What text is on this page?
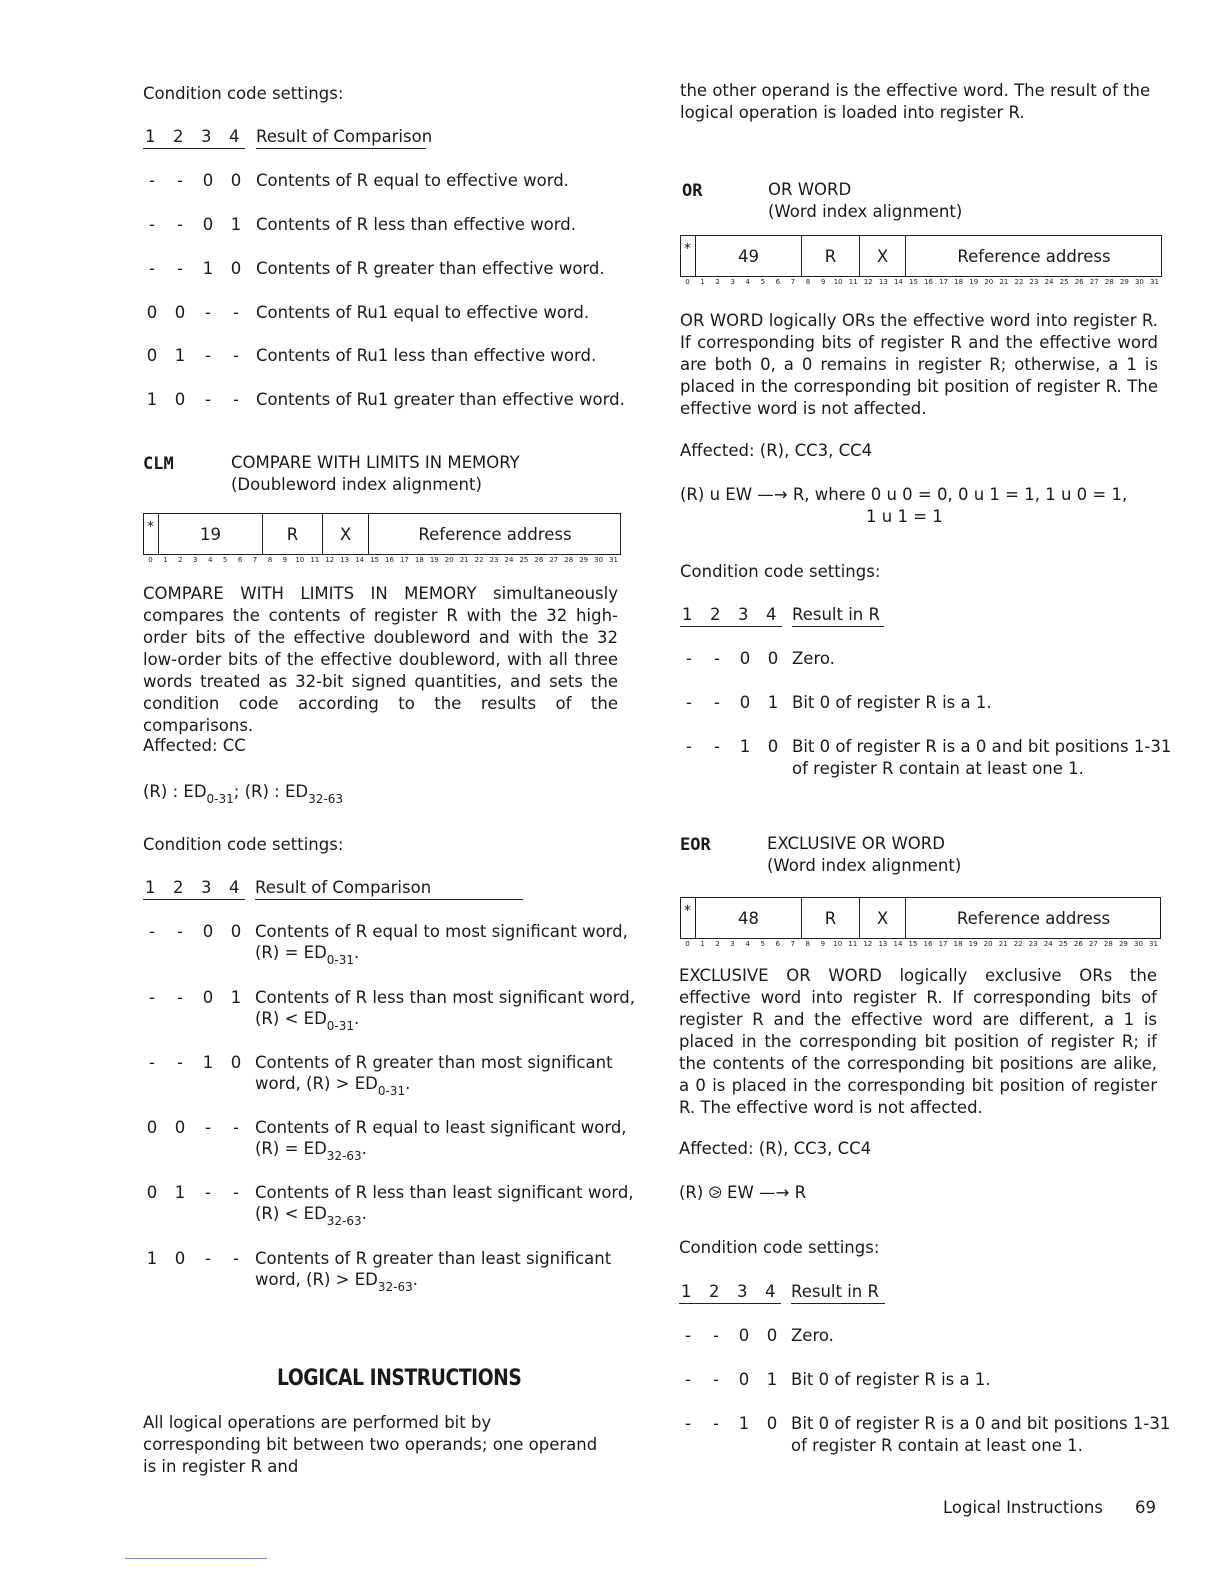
Condition code settings:
1 2 3 4 Result of Comparison
- - 0 0 Contents of R equal to effective word.
- - 0 1 Contents of R less than effective word.
- - 1 0 Contents of R greater than effective word.
0 0 - - Contents of Ru1 equal to effective word.
0 1 - - Contents of Ru1 less than effective word.
1 0 - - Contents of Ru1 greater than effective word.
CLM	COMPARE WITH LIMITS IN MEMORY
(Doubleword index alignment)
*	19	R	X	Reference address
0	1	2	3	4	5	6	7	8	9	10 11 12 13 14 15 16 17 18 19 20 21 22 23 24 25 26 27 28 29 30 31
COMPARE WITH LIMITS IN MEMORY simultaneously compares the contents of register R with the 32 high-order bits of the effective doubleword and with the 32 low-order bits of the effective doubleword, with all three words treated as 32-bit signed quantities, and sets the condition code according to the results of the comparisons.
Affected: CC
(R) : $ED_{0-31}$; (R) : $ED_{32-63}$
Condition code settings:
1 2 3 4 Result of Comparison
- - 0 0 Contents of R equal to most significant word,
$(R) = ED_{0-31}$.
- - 0 1 Contents of R less than most significant word,
$(R) < ED_{0-31}$.
- - 1 0 Contents of R greater than most significant
word, $(R) > ED_{0-31}$.
0 0 - - Contents of R equal to least significant word,
$(R) = ED_{32-63}$.
0 1 - - Contents of R less than least significant word,
$(R) < ED_{32-63}$.
1 0 - - Contents of R greater than least significant
word, $(R) > ED_{32-63}$.
LOGICAL INSTRUCTIONS
All logical operations are performed bit by corresponding bit between two operands; one operand is in register R and
the other operand is the effective word. The result of the logical operation is loaded into register R.
OR	OR WORD
(Word index alignment)
*	49	R	X	Reference address
0	1	2	3	4	5	6	7	8	9	10 11 12 13 14 15 16 17 18 19 20 21 22 23 24 25 26 27 28 29 30 31
OR WORD logically ORs the effective word into register R. If corresponding bits of register R and the effective word are both 0, a 0 remains in register R; otherwise, a 1 is placed in the corresponding bit position of register R. The effective word is not affected.
Affected: (R), CC3, CC4
(R) u EW —→ R, where 0 u 0 = 0, 0 u 1 = 1, 1 u 0 = 1,
1 u 1 = 1
Condition code settings:
1 2 3 4 Result in R
- - 0 0 Zero.
- - 0 1 Bit 0 of register R is a 1.
- - 1 0 Bit 0 of register R is a 0 and bit positions 1-31
of register R contain at least one 1.
EOR	EXCLUSIVE OR WORD
(Word index alignment)
*	48	R	X	Reference address
0	1	2	3	4	5	6	7	8	9	10 11 12 13 14 15 16 17 18 19 20 21 22 23 24 25 26 27 28 29 30 31
EXCLUSIVE OR WORD logically exclusive ORs the effective word into register R. If corresponding bits of register R and the effective word are different, a 1 is placed in the corresponding bit position of register R; if the contents of the corresponding bit positions are alike, a 0 is placed in the corresponding bit position of register R. The effective word is not affected.
Affected: (R), CC3, CC4
(R) ⧁ EW —→ R
Condition code settings:
1 2 3 4 Result in R
- - 0 0 Zero.
- - 0 1 Bit 0 of register R is a 1.
- - 1 0 Bit 0 of register R is a 0 and bit positions 1-31
of register R contain at least one 1.
Logical Instructions 69
